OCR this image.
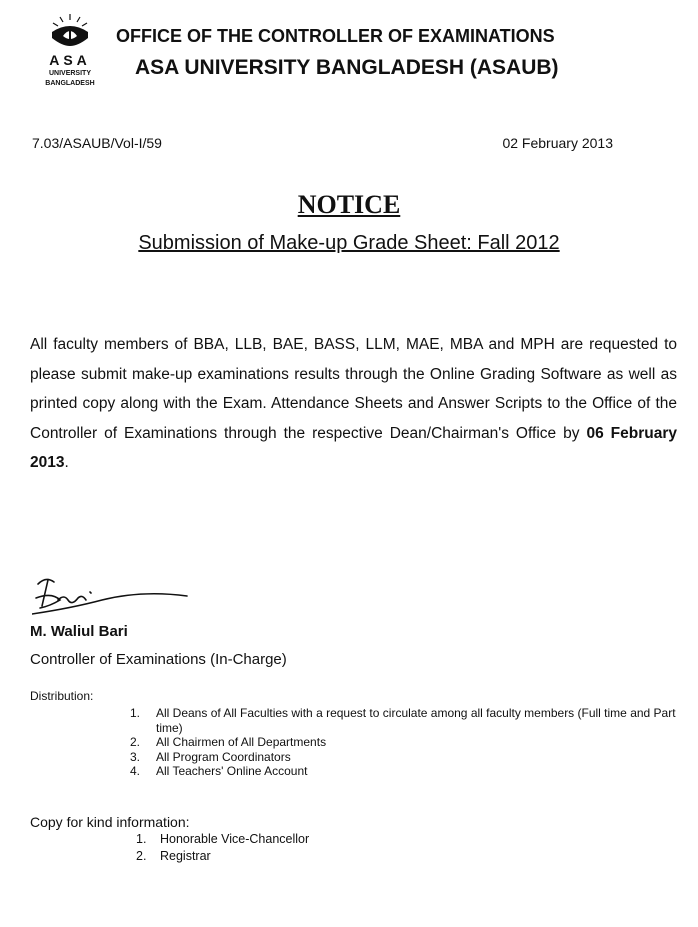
ASA
UNIVERSITY
BANGLADESH
OFFICE OF THE CONTROLLER OF EXAMINATIONS
ASA UNIVERSITY BANGLADESH (ASAUB)
7.03/ASAUB/Vol-I/59	02 February 2013
NOTICE
Submission of Make-up Grade Sheet: Fall 2012
All faculty members of BBA, LLB, BAE, BASS, LLM, MAE, MBA and MPH are requested to please submit make-up examinations results through the Online Grading Software as well as printed copy along with the Exam. Attendance Sheets and Answer Scripts to the Office of the Controller of Examinations through the respective Dean/Chairman's Office by 06 February 2013.
M. Waliul Bari
Controller of Examinations (In-Charge)
Distribution:
1.	All Deans of All Faculties with a request to circulate among all faculty members (Full time and Part time)
2.	All Chairmen of All Departments
3.	All Program Coordinators
4.	All Teachers' Online Account
Copy for kind information:
1.	Honorable Vice-Chancellor
2.	Registrar
